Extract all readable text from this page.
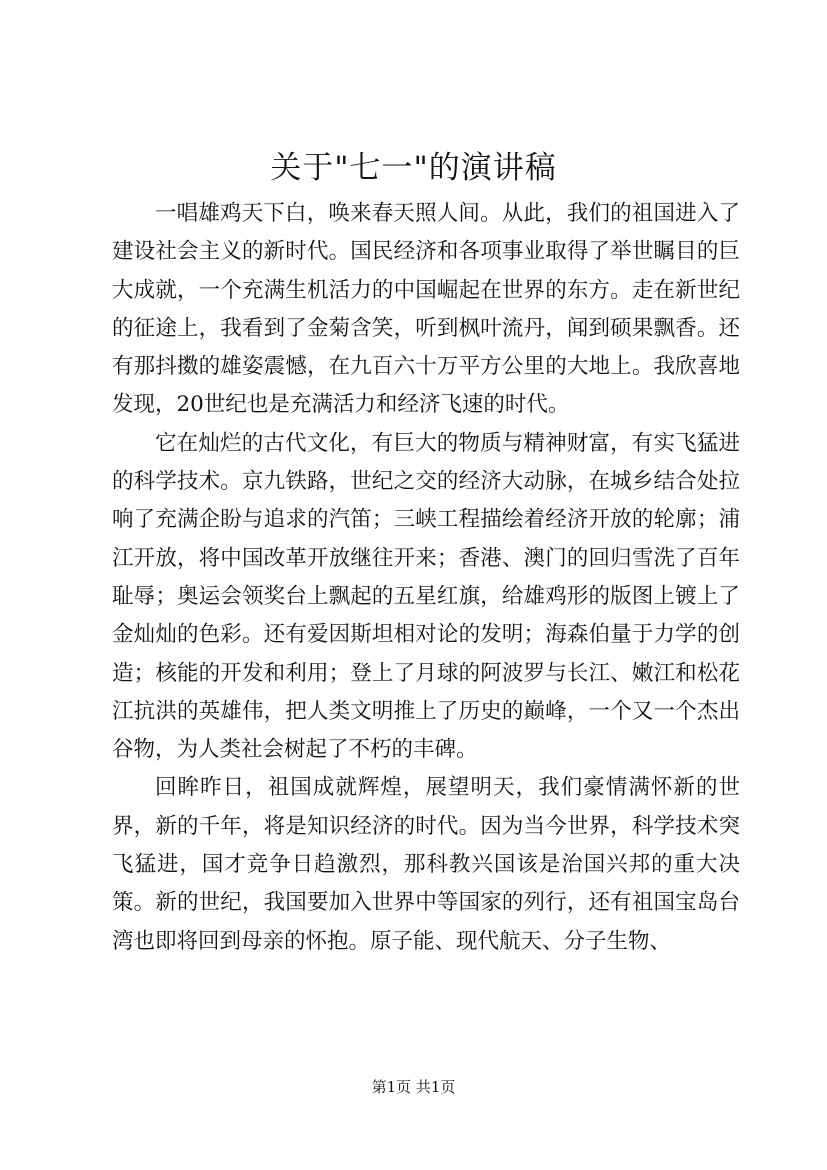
关于"七一"的演讲稿

一唱雄鸡天下白，唤来春天照人间。从此，我们的祖国进入了建设社会主义的新时代。国民经济和各项事业取得了举世瞩目的巨大成就，一个充满生机活力的中国崛起在世界的东方。走在新世纪的征途上，我看到了金菊含笑，听到枫叶流丹，闻到硕果飘香。还有那抖擞的雄姿震憾，在九百六十万平方公里的大地上。我欣喜地发现，20世纪也是充满活力和经济飞速的时代。

它在灿烂的古代文化，有巨大的物质与精神财富，有实飞猛进的科学技术。京九铁路，世纪之交的经济大动脉，在城乡结合处拉响了充满企盼与追求的汽笛；三峡工程描绘着经济开放的轮廓；浦江开放，将中国改革开放继往开来；香港、澳门的回归雪洗了百年耻辱；奥运会领奖台上飘起的五星红旗，给雄鸡形的版图上镀上了金灿灿的色彩。还有爱因斯坦相对论的发明；海森伯量于力学的创造；核能的开发和利用；登上了月球的阿波罗与长江、嫩江和松花江抗洪的英雄伟，把人类文明推上了历史的巅峰，一个又一个杰出谷物，为人类社会树起了不朽的丰碑。

回眸昨日，祖国成就辉煌，展望明天，我们豪情满怀新的世界，新的千年，将是知识经济的时代。因为当今世界，科学技术突飞猛进，国才竞争日趋激烈，那科教兴国该是治国兴邦的重大决策。新的世纪，我国要加入世界中等国家的列行，还有祖国宝岛台湾也即将回到母亲的怀抱。原子能、现代航天、分子生物、

第1页 共1页
